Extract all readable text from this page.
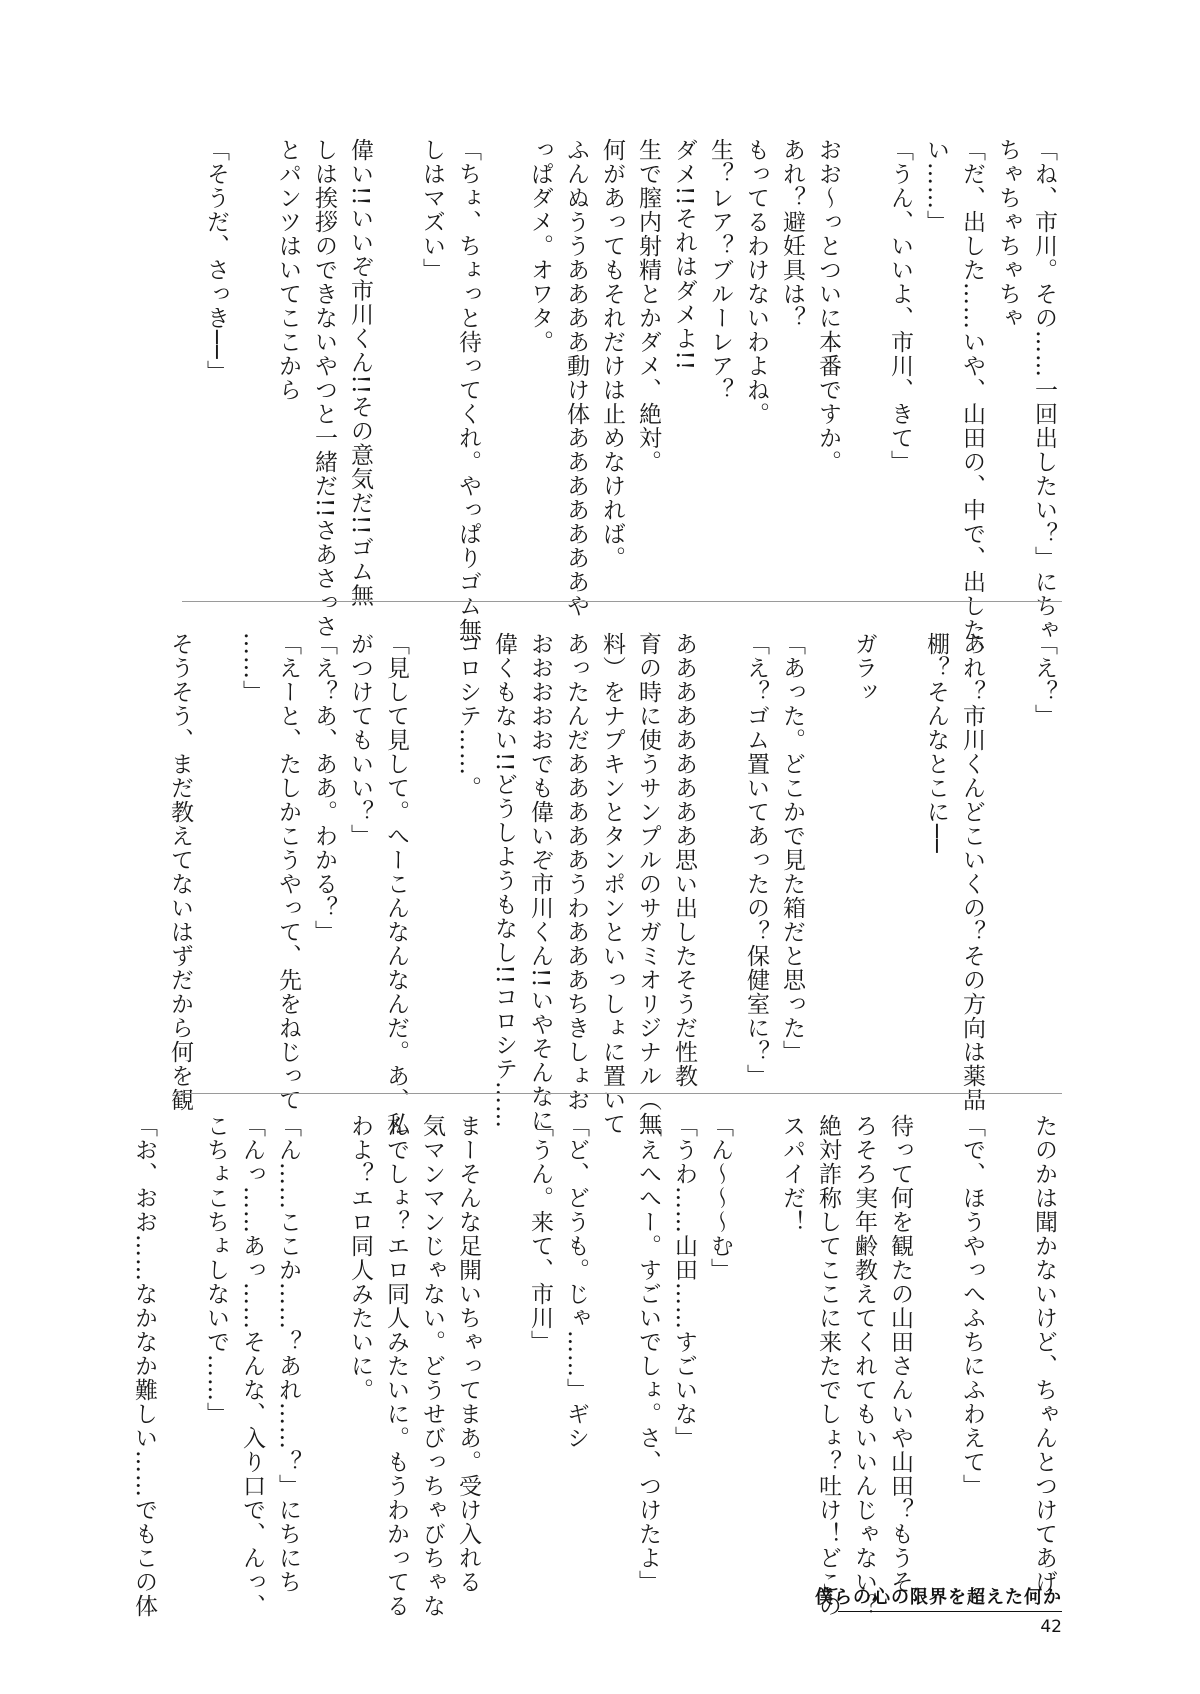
「ね、市川。その……一回出したい？」にちゃ

ちゃちゃちゃちゃ

「だ、出した……いや、山田の、中で、出した、

い……」

「うん、いいよ、市川、きて」

おお〜っとついに本番ですか。

あれ？避妊具は？

もってるわけないわよね。

生？レア？ブルーレア？

ダメ!!それはダメよ!!

生で膣内射精とかダメ、絶対。

何があってもそれだけは止めなければ。

ふんぬううああああ動け体あああああああや

っぱダメ。オワタ。

「ちょ、ちょっと待ってくれ。やっぱりゴム無

しはマズい」

偉い!!いいぞ市川くん!!その意気だ!!ゴム無

しは挨拶のできないやつと一緒だ!!さあさっさ

とパンツはいてここから

「そうだ、さっき──」

「え？」

あれ？市川くんどこいくの？その方向は薬品

棚？そんなとこに──

ガラッ

「あった。どこかで見た箱だと思った」

「え？ゴム置いてあったの？保健室に？」

あああああああああ思い出したそうだ性教

育の時に使うサンプルのサガミオリジナル（無

料）をナプキンとタンポンといっしょに置いて

あったんだあああああうわあああちきしょお

おおおおおでも偉いぞ市川くん!!いやそんなに

偉くもない!!どうしようもなし!!コロシテ……

コロシテ……。

「見して見して。へーこんなんなんだ。あ、私

がつけてもいい？」

「え？あ、ああ。わかる？」

「えーと、たしかこうやって、先をねじって

……」

そうそう、まだ教えてないはずだから何を観

たのかは聞かないけど、ちゃんとつけてあげ

「で、ほうやっへふちにふわえて」

待って何を観たの山田さんいや山田？もうそ

ろそろ実年齢教えてくれてもいいんじゃない？

絶対詐称してここに来たでしょ？吐け！どこの

スパイだ！

「ん〜〜〜む」

「うわ……山田……すごいな」

「えへへー。すごいでしょ。さ、つけたよ」

「ど、どうも。じゃ……」ギシ

「うん。来て、市川」

まーそんな足開いちゃってまあ。受け入れる

気マンマンじゃない。どうせびっちゃびちゃな

んでしょ？エロ同人みたいに。もうわかってる

わよ？エロ同人みたいに。

「ん……ここか……？あれ……？」にちにち

「んっ……あっ……そんな、入り口で、んっ、

こちょこちょしないで……」

「お、おお……なかなか難しい……でもこの体	僕らの心の限界を超えた何か
42
